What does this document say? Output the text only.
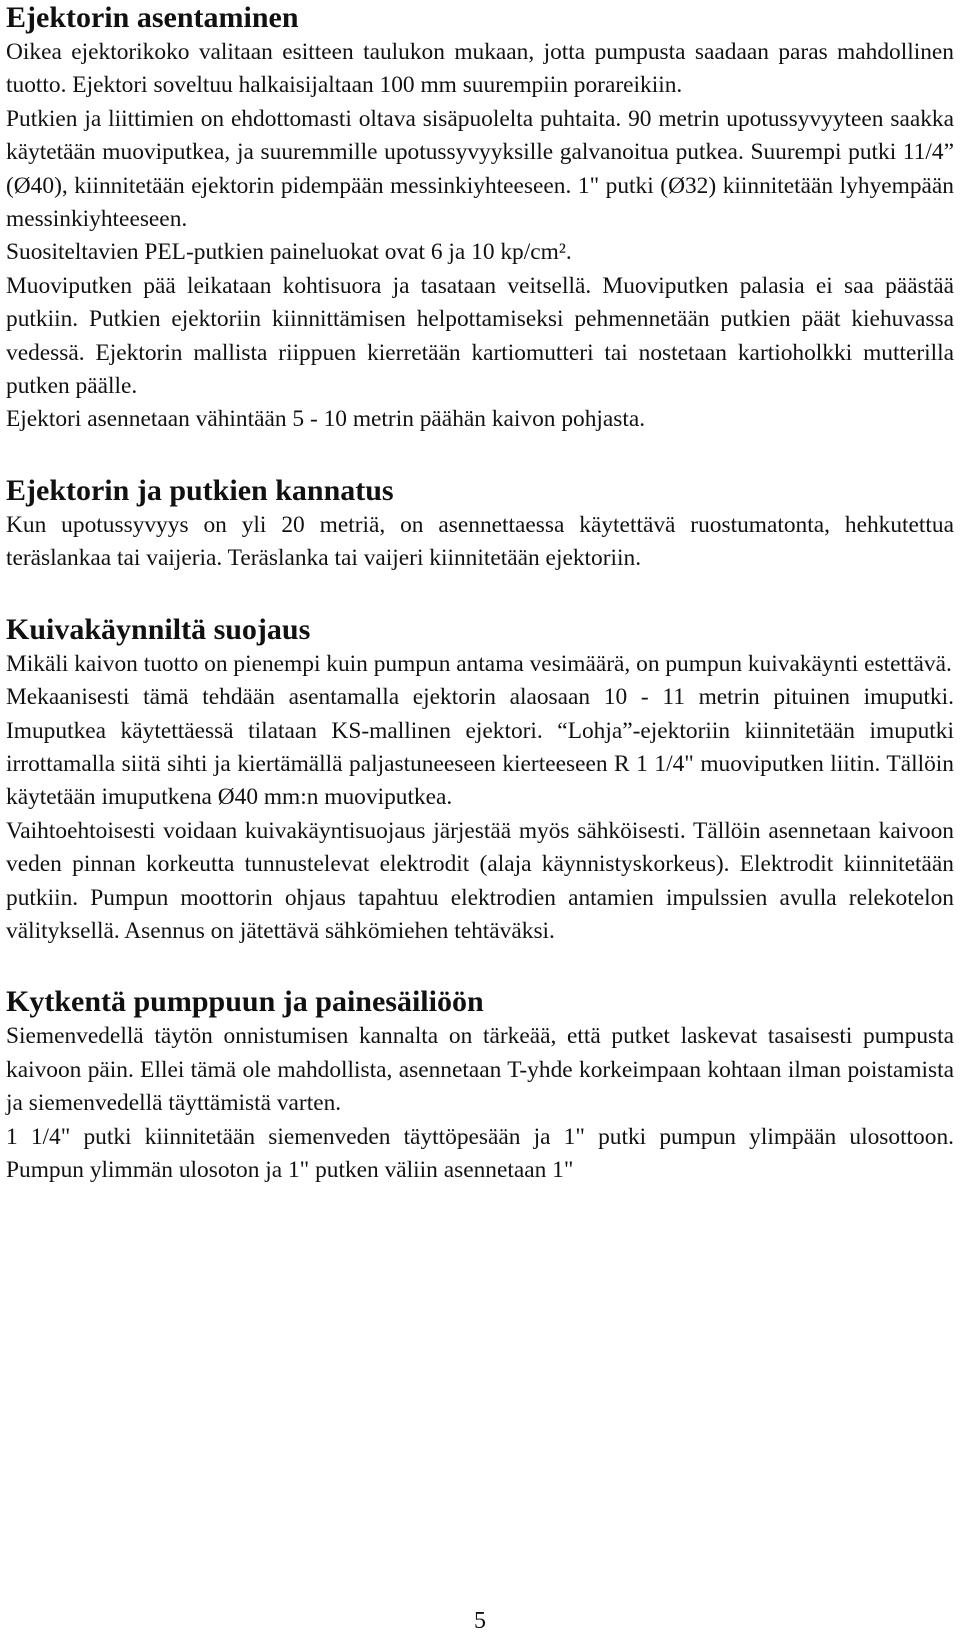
Ejektorin asentaminen
Oikea ejektorikoko valitaan esitteen taulukon mukaan, jotta pumpusta saadaan paras mahdollinen tuotto. Ejektori soveltuu halkaisijaltaan 100 mm suurempiin porareikiin.
Putkien ja liittimien on ehdottomasti oltava sisäpuolelta puhtaita. 90 metrin upotussyvyyteen saakka käytetään muoviputkea, ja suuremmille upotussyvyyksille galvanoitua putkea. Suurempi putki 11/4” (Ø40), kiinnitetään ejektorin pidempään messinkiyhteeseen. 1" putki (Ø32) kiinnitetään lyhyempään messinkiyhteeseen.
Suositeltavien PEL-putkien paineluokat ovat 6 ja 10 kp/cm².
Muoviputken pää leikataan kohtisuora ja tasataan veitsellä. Muoviputken palasia ei saa päästää putkiin. Putkien ejektoriin kiinnittämisen helpottamiseksi pehmennetään putkien päät kiehuvassa vedessä. Ejektorin mallista riippuen kierretään kartiomutteri tai nostetaan kartioholkki mutterilla putken päälle.
Ejektori asennetaan vähintään 5 - 10 metrin päähän kaivon pohjasta.
Ejektorin ja putkien kannatus
Kun upotussyvyys on yli 20 metriä, on asennettaessa käytettävä ruostumatonta, hehkutettua teräslankaa tai vaijeria. Teräslanka tai vaijeri kiinnitetään ejektoriin.
Kuivakäynniltä suojaus
Mikäli kaivon tuotto on pienempi kuin pumpun antama vesimäärä, on pumpun kuivakäynti estettävä.
Mekaanisesti tämä tehdään asentamalla ejektorin alaosaan 10 - 11 metrin pituinen imuputki. Imuputkea käytettäessä tilataan KS-mallinen ejektori. “Lohja”-ejektoriin kiinnitetään imuputki irrottamalla siitä sihti ja kiertämällä paljastuneeseen kierteeseen R 1 1/4" muoviputken liitin. Tällöin käytetään imuputkena Ø40 mm:n muoviputkea.
Vaihtoehtoisesti voidaan kuivakäyntisuojaus järjestää myös sähköisesti. Tällöin asennetaan kaivoon veden pinnan korkeutta tunnustelevat elektrodit (alaja käynnistyskorkeus). Elektrodit kiinnitetään putkiin. Pumpun moottorin ohjaus tapahtuu elektrodien antamien impulssien avulla relekotelon välityksellä. Asennus on jätettävä sähkömiehen tehtäväksi.
Kytkentä pumppuun ja painesäiliöön
Siemenvedellä täytön onnistumisen kannalta on tärkeää, että putket laskevat tasaisesti pumpusta kaivoon päin. Ellei tämä ole mahdollista, asennetaan T-yhde korkeimpaan kohtaan ilman poistamista ja siemenvedellä täyttämistä varten.
1 1/4" putki kiinnitetään siemenveden täyttöpesään ja 1" putki pumpun ylimpään ulosottoon. Pumpun ylimmän ulosoton ja 1" putken väliin asennetaan 1"
5
